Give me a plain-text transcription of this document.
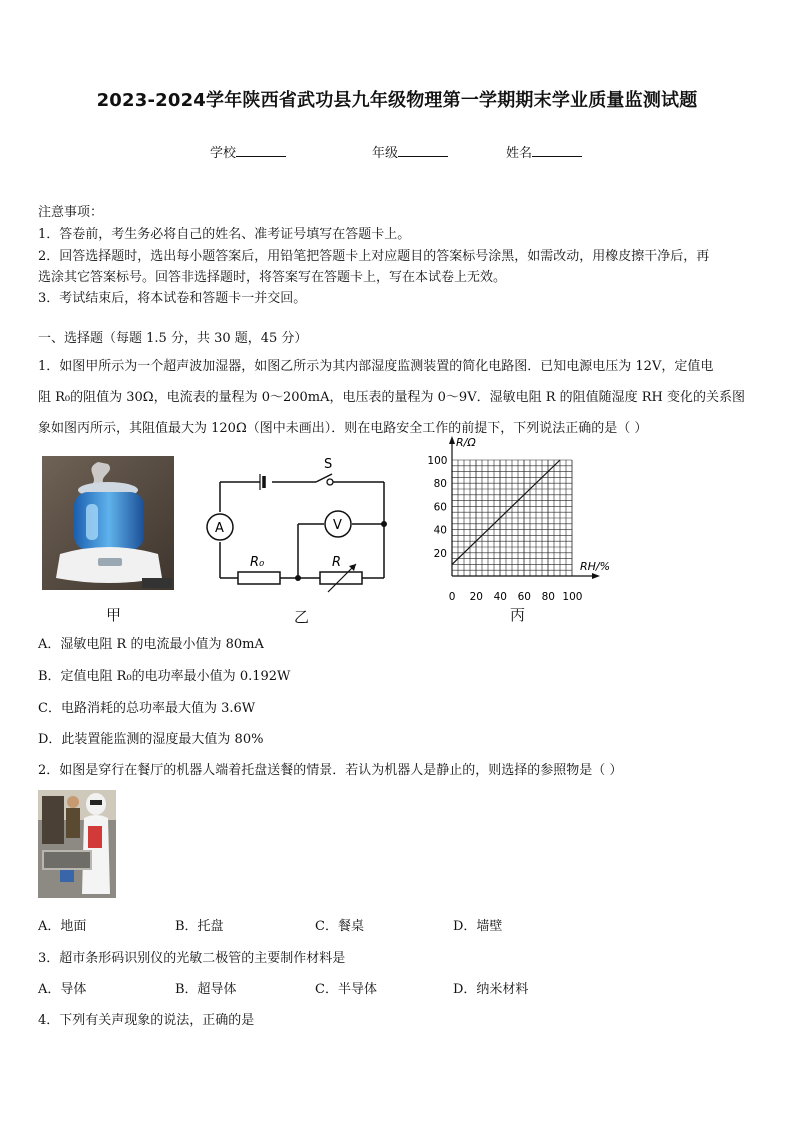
2023-2024学年陕西省武功县九年级物理第一学期期末学业质量监测试题
学校	年级	姓名
注意事项：
1．答卷前，考生务必将自己的姓名、准考证号填写在答题卡上。
2．回答选择题时，选出每小题答案后，用铅笔把答题卡上对应题目的答案标号涂黑，如需改动，用橡皮擦干净后，再
选涂其它答案标号。回答非选择题时，将答案写在答题卡上，写在本试卷上无效。
3．考试结束后，将本试卷和答题卡一并交回。
一、选择题（每题 1.5 分，共 30 题，45 分）
1．如图甲所示为一个超声波加湿器，如图乙所示为其内部湿度监测装置的简化电路图．已知电源电压为 12V，定值电
阻 R₀的阻值为 30Ω，电流表的量程为 0～200mA，电压表的量程为 0～9V．湿敏电阻 R 的阻值随湿度 RH 变化的关系图
象如图丙所示，其阻值最大为 120Ω（图中未画出）．则在电路安全工作的前提下，下列说法正确的是（ ）
甲
S
A	V
R₀	R
乙
0 20 40 60 80 100
20
40
60
80
100
R/Ω
RH/%
丙
A．湿敏电阻 R 的电流最小值为 80mA
B．定值电阻 R₀的电功率最小值为 0.192W
C．电路消耗的总功率最大值为 3.6W
D．此装置能监测的湿度最大值为 80%
2．如图是穿行在餐厅的机器人端着托盘送餐的情景．若认为机器人是静止的，则选择的参照物是（ ）
A．地面	B．托盘	C．餐桌	D．墙壁
3．超市条形码识别仪的光敏二极管的主要制作材料是
A．导体	B．超导体	C．半导体	D．纳米材料
4．下列有关声现象的说法，正确的是
